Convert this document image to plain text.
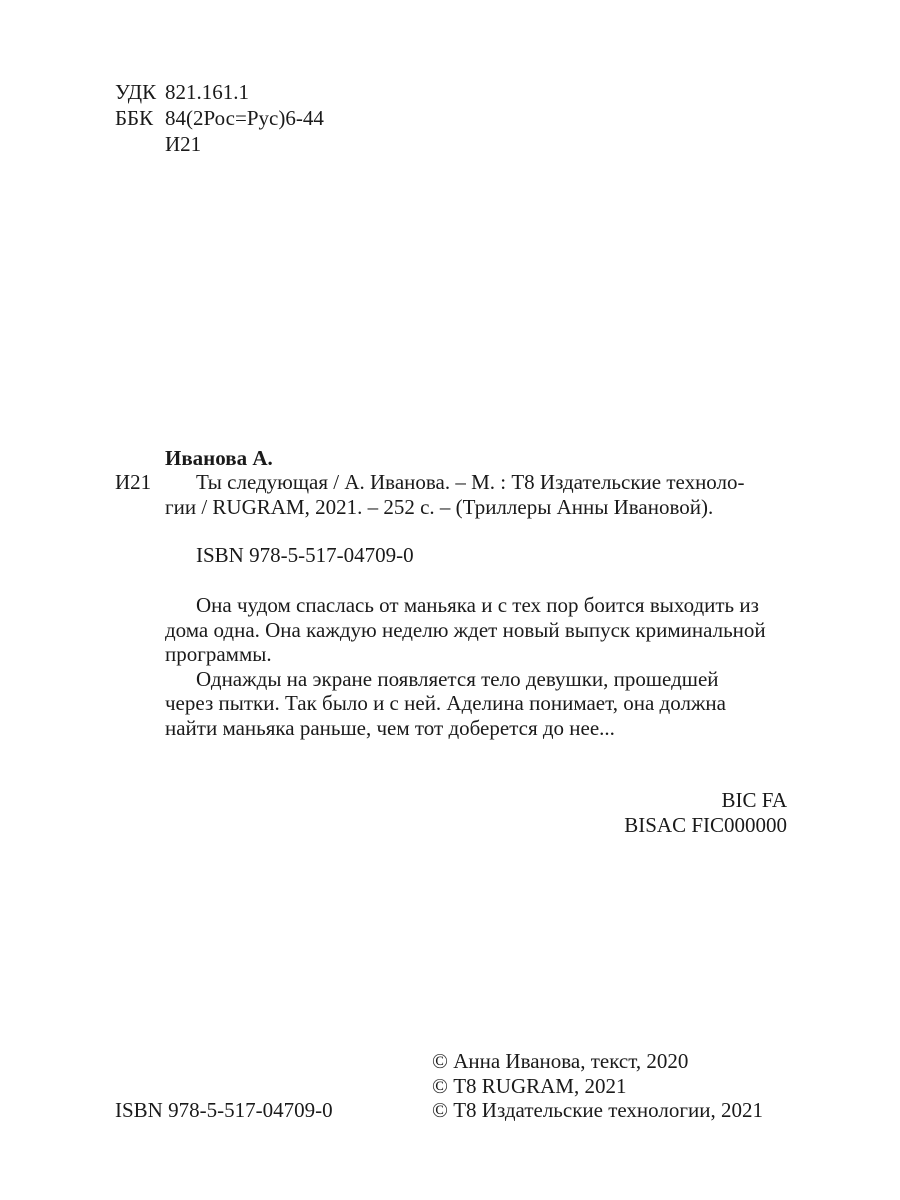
УДК 821.161.1
ББК 84(2Рос=Рус)6-44
И21
Иванова А.
И21 Ты следующая / А. Иванова. – М. : Т8 Издательские техноло-
гии / RUGRAM, 2021. – 252 с. – (Триллеры Анны Ивановой).
ISBN 978-5-517-04709-0
Она чудом спаслась от маньяка и с тех пор боится выходить из
дома одна. Она каждую неделю ждет новый выпуск криминальной
программы.
Однажды на экране появляется тело девушки, прошедшей
через пытки. Так было и с ней. Аделина понимает, она должна
найти маньяка раньше, чем тот доберется до нее...
BIC FA
BISAC FIC000000
© Анна Иванова, текст, 2020
© Т8 RUGRAM, 2021
ISBN 978-5-517-04709-0	© Т8 Издательские технологии, 2021
